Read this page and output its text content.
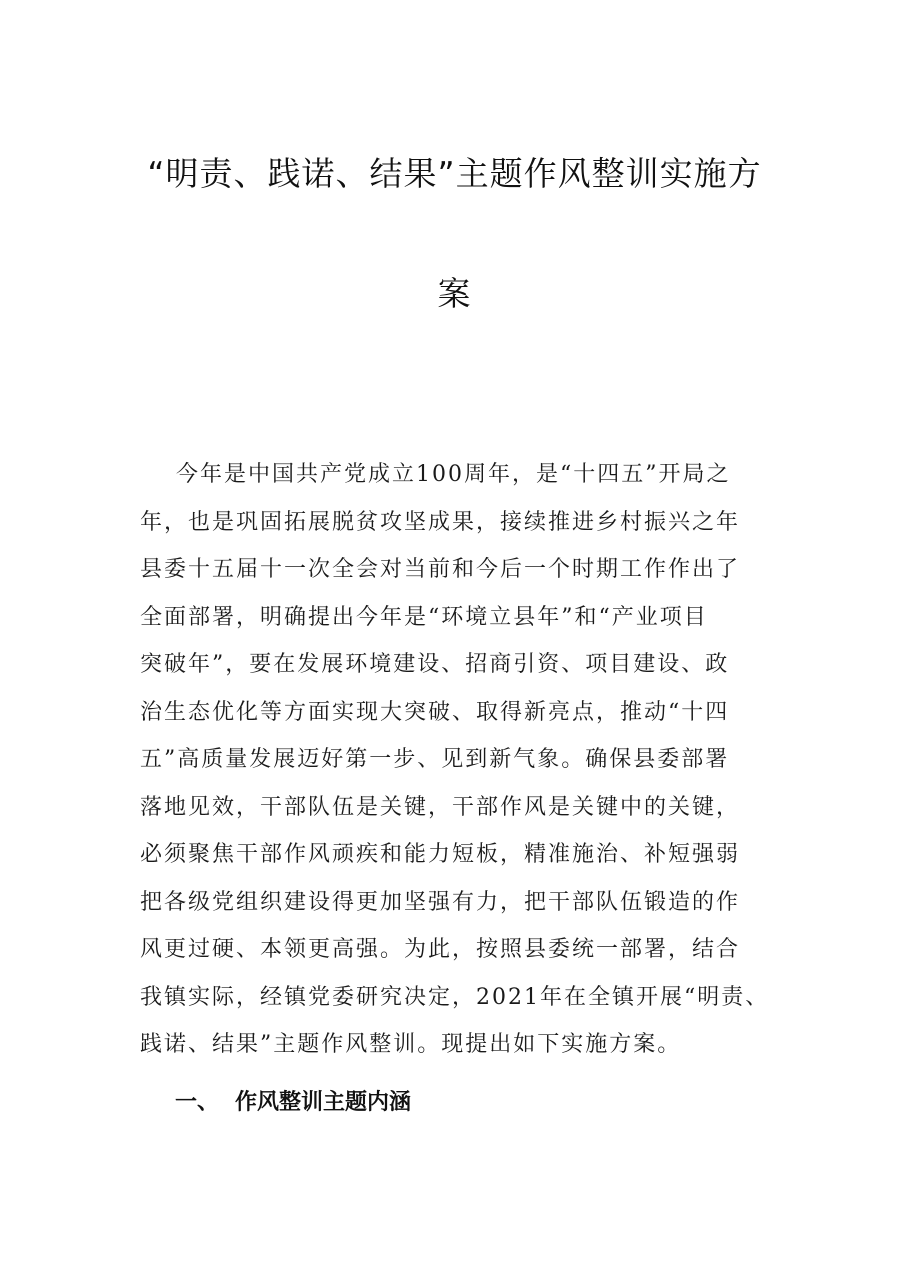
“明责、践诺、结果”主题作风整训实施方
案
今年是中国共产党成立100周年，是“十四五”开局之
年，也是巩固拓展脱贫攻坚成果，接续推进乡村振兴之年
县委十五届十一次全会对当前和今后一个时期工作作出了
全面部署，明确提出今年是“环境立县年”和“产业项目
突破年”，要在发展环境建设、招商引资、项目建设、政
治生态优化等方面实现大突破、取得新亮点，推动“十四
五”高质量发展迈好第一步、见到新气象。确保县委部署
落地见效，干部队伍是关键，干部作风是关键中的关键，
必须聚焦干部作风顽疾和能力短板，精准施治、补短强弱
把各级党组织建设得更加坚强有力，把干部队伍锻造的作
风更过硬、本领更高强。为此，按照县委统一部署，结合
我镇实际，经镇党委研究决定，2021年在全镇开展“明责、
践诺、结果”主题作风整训。现提出如下实施方案。
一、 作风整训主题内涵
